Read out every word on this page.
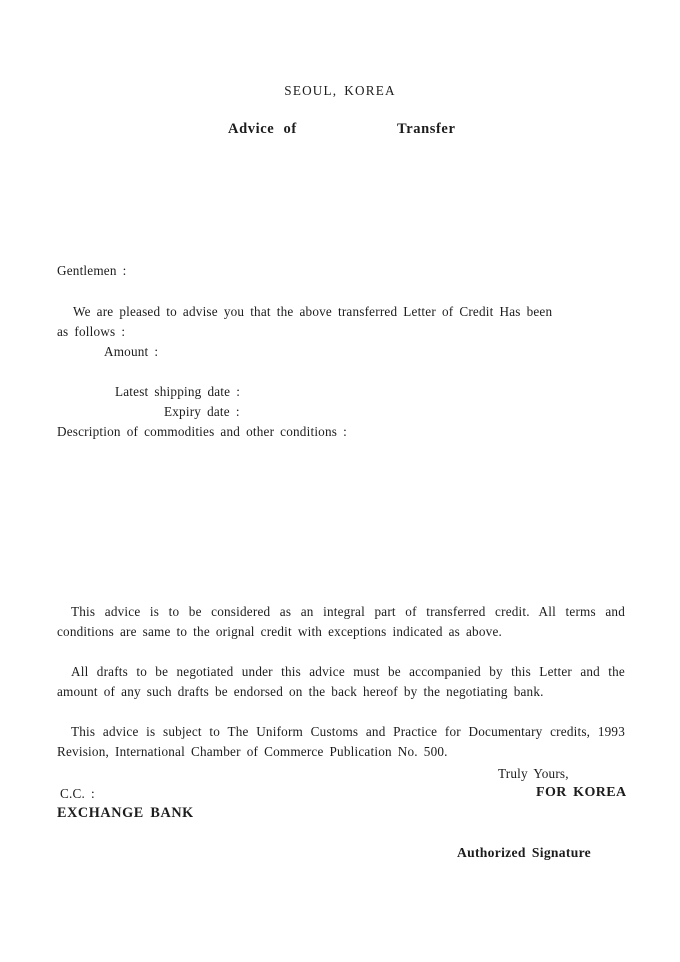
SEOUL, KOREA
Advice of	Transfer
Gentlemen :
We are pleased to advise you that the above transferred Letter of Credit Has been
as follows :
Amount :
Latest shipping date :
Expiry date :
Description of commodities and other conditions :
This advice is to be considered as an integral part of transferred credit. All terms and conditions are same to the orignal credit with exceptions indicated as above.
All drafts to be negotiated under this advice must be accompanied by this Letter and the amount of any such drafts be endorsed on the back hereof by the negotiating bank.
This advice is subject to The Uniform Customs and Practice for Documentary credits, 1993 Revision, International Chamber of Commerce Publication No. 500.
Truly Yours,
C.C. :	FOR KOREA
EXCHANGE BANK
Authorized Signature
